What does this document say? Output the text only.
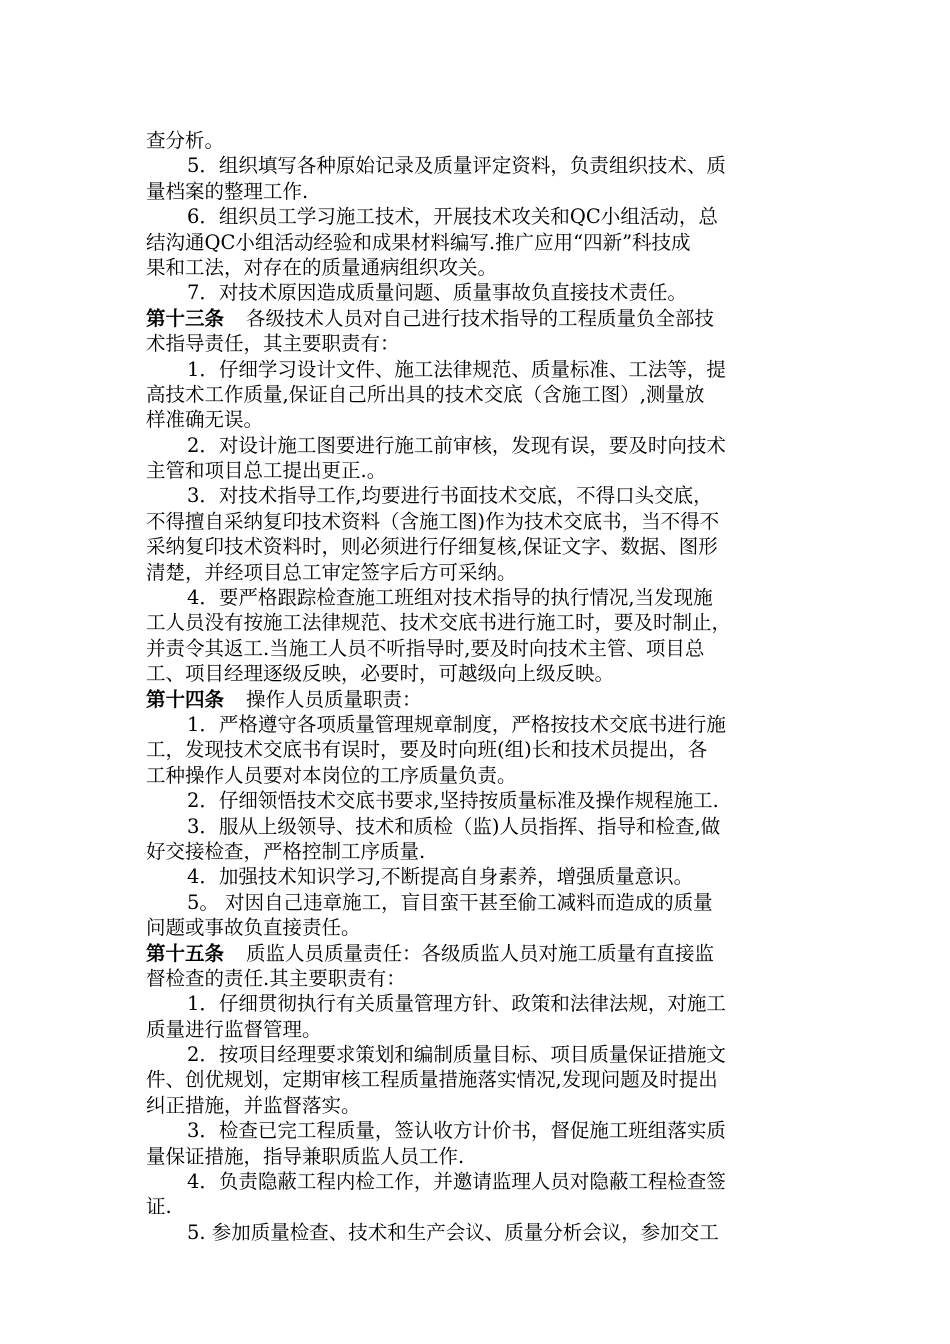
查分析。
5．组织填写各种原始记录及质量评定资料，负责组织技术、质
量档案的整理工作.
6．组织员工学习施工技术，开展技术攻关和QC小组活动，总
结沟通QC小组活动经验和成果材料编写.推广应用“四新”科技成
果和工法，对存在的质量通病组织攻关。
7．对技术原因造成质量问题、质量事故负直接技术责任。
第十三条 各级技术人员对自己进行技术指导的工程质量负全部技
术指导责任，其主要职责有：
1．仔细学习设计文件、施工法律规范、质量标准、工法等，提
高技术工作质量,保证自己所出具的技术交底（含施工图）,测量放
样准确无误。
2．对设计施工图要进行施工前审核，发现有误，要及时向技术
主管和项目总工提出更正.。
3．对技术指导工作,均要进行书面技术交底，不得口头交底，
不得擅自采纳复印技术资料（含施工图)作为技术交底书，当不得不
采纳复印技术资料时，则必须进行仔细复核,保证文字、数据、图形
清楚，并经项目总工审定签字后方可采纳。
4．要严格跟踪检查施工班组对技术指导的执行情况,当发现施
工人员没有按施工法律规范、技术交底书进行施工时，要及时制止，
并责令其返工.当施工人员不听指导时,要及时向技术主管、项目总
工、项目经理逐级反映，必要时，可越级向上级反映。
第十四条 操作人员质量职责：
1．严格遵守各项质量管理规章制度，严格按技术交底书进行施
工，发现技术交底书有误时，要及时向班(组)长和技术员提出，各
工种操作人员要对本岗位的工序质量负责。
2．仔细领悟技术交底书要求,坚持按质量标准及操作规程施工.
3．服从上级领导、技术和质检（监)人员指挥、指导和检查,做
好交接检查，严格控制工序质量.
4．加强技术知识学习,不断提高自身素养，增强质量意识。
5。 对因自己违章施工，盲目蛮干甚至偷工减料而造成的质量
问题或事故负直接责任。
第十五条 质监人员质量责任：各级质监人员对施工质量有直接监
督检查的责任.其主要职责有：
1．仔细贯彻执行有关质量管理方针、政策和法律法规，对施工
质量进行监督管理。
2．按项目经理要求策划和编制质量目标、项目质量保证措施文
件、创优规划，定期审核工程质量措施落实情况,发现问题及时提出
纠正措施，并监督落实。
3．检查已完工程质量，签认收方计价书，督促施工班组落实质
量保证措施，指导兼职质监人员工作.
4．负责隐蔽工程内检工作，并邀请监理人员对隐蔽工程检查签
证.
5. 参加质量检查、技术和生产会议、质量分析会议，参加交工
